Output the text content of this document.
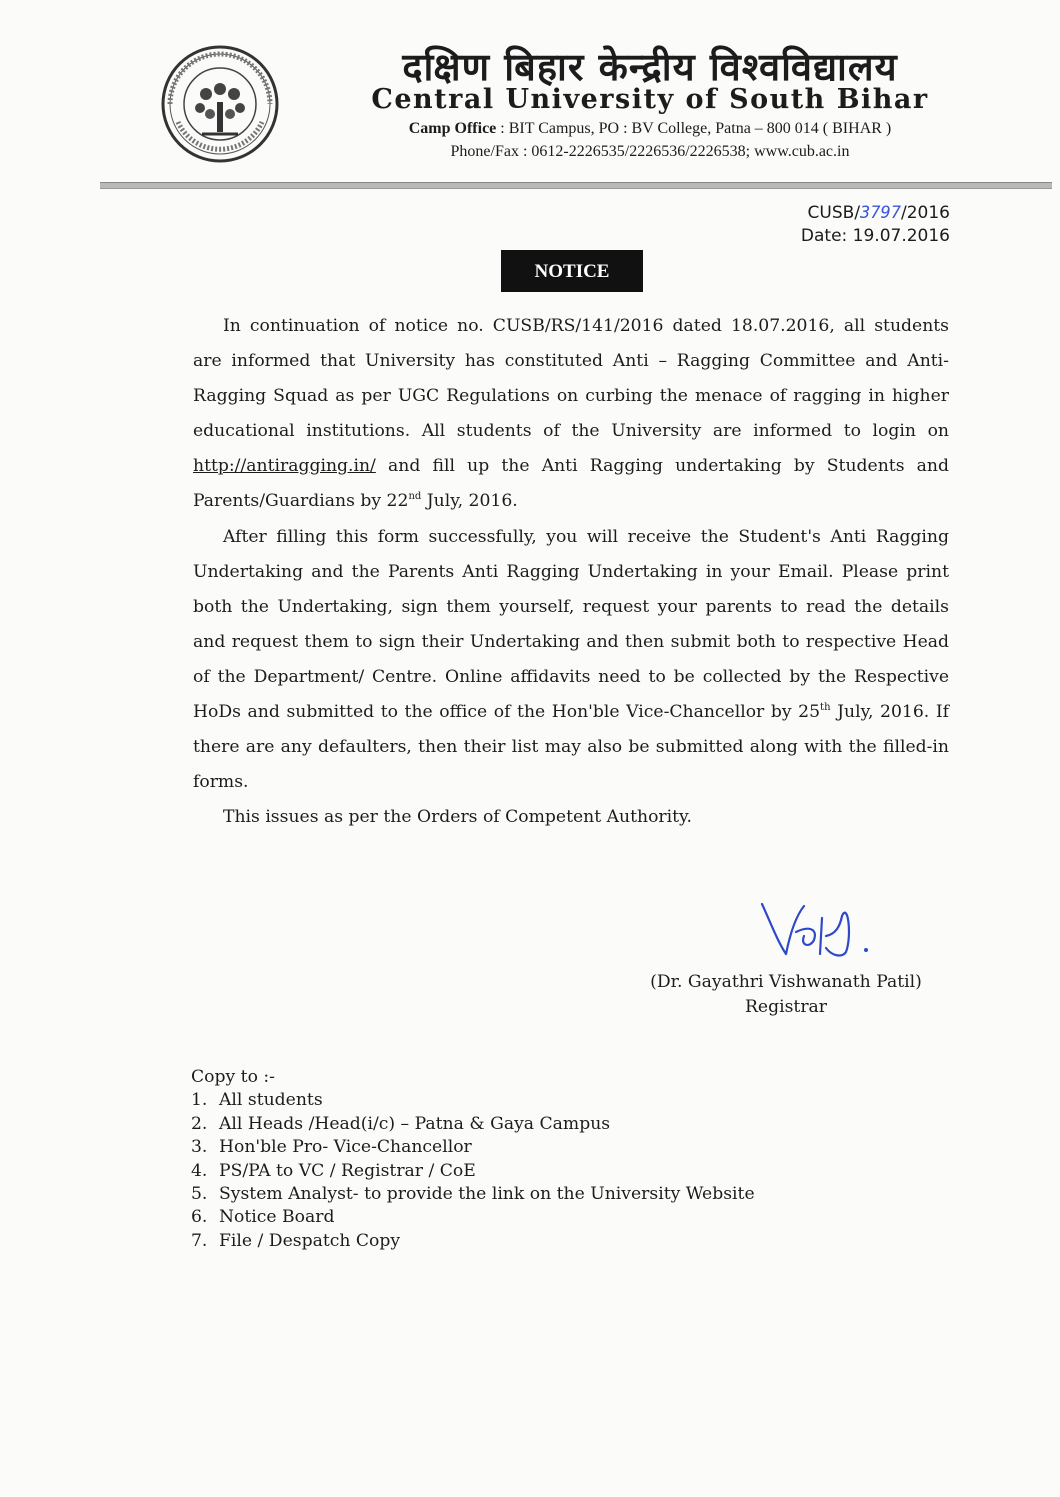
दक्षिण बिहार केन्द्रीय विश्वविद्यालय
Central University of South Bihar
Camp Office : BIT Campus, PO : BV College, Patna – 800 014 ( BIHAR )
Phone/Fax : 0612-2226535/2226536/2226538; www.cub.ac.in
CUSB/3797/2016
Date: 19.07.2016
NOTICE

In continuation of notice no. CUSB/RS/141/2016 dated 18.07.2016, all students are informed that University has constituted Anti – Ragging Committee and Anti-Ragging Squad as per UGC Regulations on curbing the menace of ragging in higher educational institutions. All students of the University are informed to login on http://antiragging.in/ and fill up the Anti Ragging undertaking by Students and Parents/Guardians by 22nd July, 2016.

After filling this form successfully, you will receive the Student's Anti Ragging Undertaking and the Parents Anti Ragging Undertaking in your Email. Please print both the Undertaking, sign them yourself, request your parents to read the details and request them to sign their Undertaking and then submit both to respective Head of the Department/ Centre. Online affidavits need to be collected by the Respective HoDs and submitted to the office of the Hon'ble Vice-Chancellor by 25th July, 2016. If there are any defaulters, then their list may also be submitted along with the filled-in forms.

This issues as per the Orders of Competent Authority.

(Dr. Gayathri Vishwanath Patil)
Registrar
Copy to :-
1. All students
2. All Heads /Head(i/c) – Patna & Gaya Campus
3. Hon'ble Pro- Vice-Chancellor
4. PS/PA to VC / Registrar / CoE
5. System Analyst- to provide the link on the University Website
6. Notice Board
7. File / Despatch Copy
